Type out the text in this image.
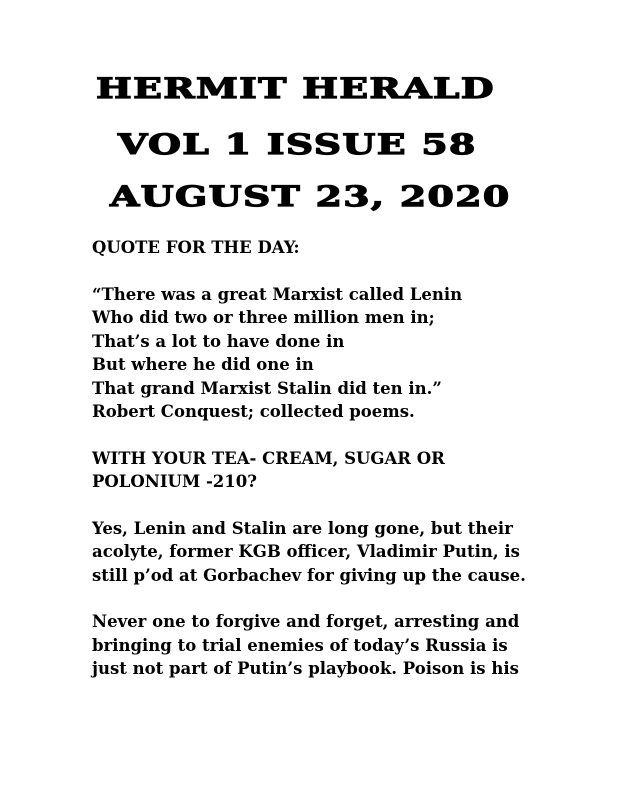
HERMIT HERALD
VOL 1 ISSUE 58
AUGUST 23, 2020

QUOTE FOR THE DAY:

“There was a great Marxist called Lenin

Who did two or three million men in;

That’s a lot to have done in

But where he did one in

That grand Marxist Stalin did ten in.”

Robert Conquest; collected poems.

WITH YOUR TEA- CREAM, SUGAR OR

POLONIUM -210?

Yes, Lenin and Stalin are long gone, but their

acolyte, former KGB officer, Vladimir Putin, is

still p’od at Gorbachev for giving up the cause.

Never one to forgive and forget, arresting and

bringing to trial enemies of today’s Russia is

just not part of Putin’s playbook. Poison is his
